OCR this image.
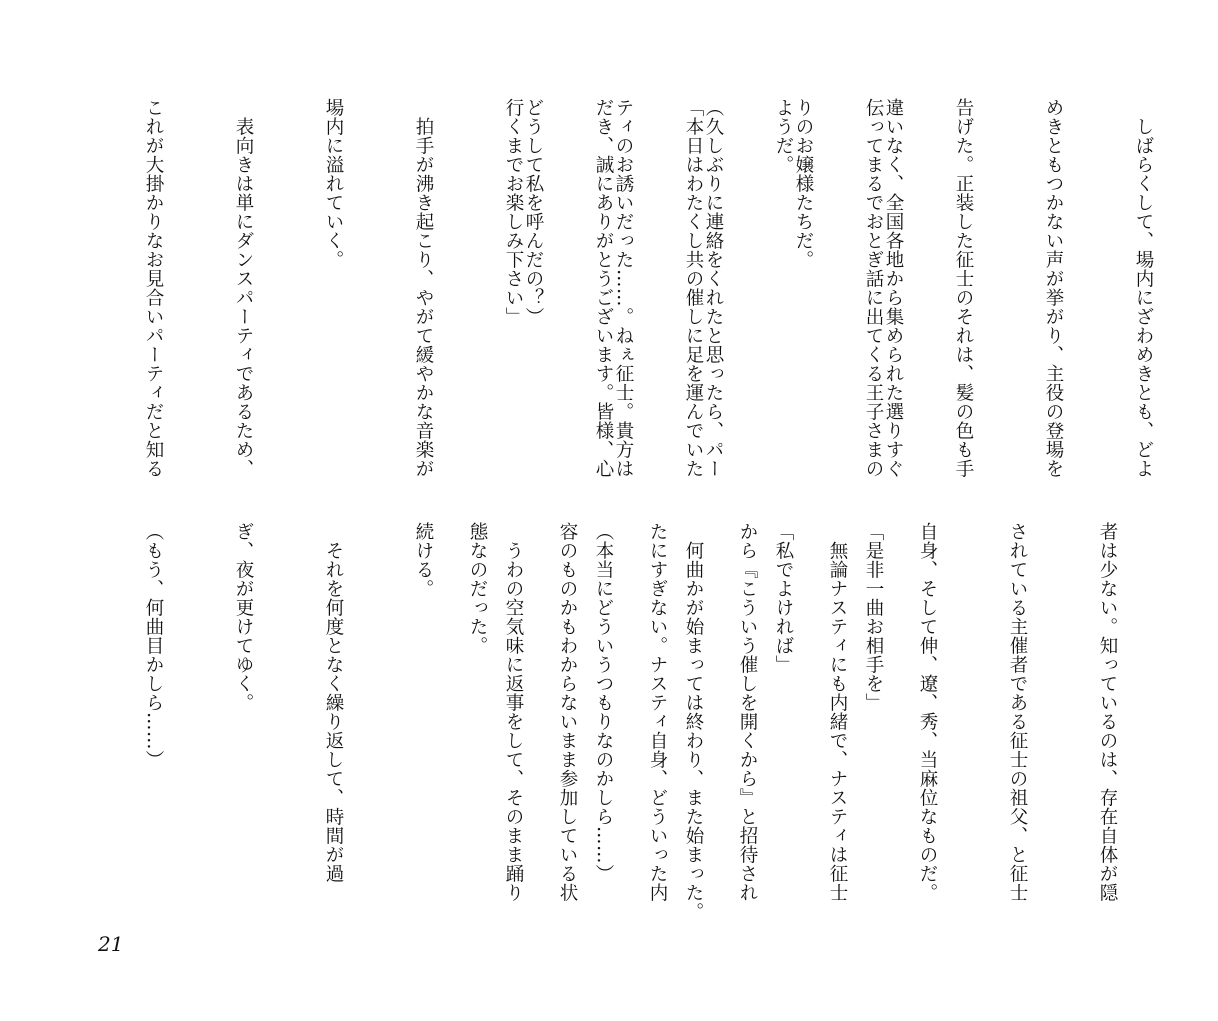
違いなく、全国各地から集められた選りすぐ

りのお嬢様たちだ。

（久しぶりに連絡をくれたと思ったら、パー

ティのお誘いだった……。ねぇ征士。貴方は

どうして私を呼んだの？）

	　しばらくして、場内にざわめきとも、どよ

めきともつかない声が挙がり、主役の登場を

告げた。正装した征士のそれは、髪の色も手

伝ってまるでおとぎ話に出てくる王子さまの

ようだ。

「本日はわたくし共の催しに足を運んでいた

だき、誠にありがとうございます。皆様、心

行くまでお楽しみ下さい」

　拍手が沸き起こり、やがて緩やかな音楽が

場内に溢れていく。

　表向きは単にダンスパーティであるため、

これが大掛かりなお見合いパーティだと知る

者は少ない。知っているのは、存在自体が隠

されている主催者である征士の祖父、と征士

自身、そして伸、遼、秀、当麻位なものだ。

　無論ナスティにも内緒で、ナスティは征士

から『こういう催しを開くから』と招待され

たにすぎない。ナスティ自身、どういった内

容のものかもわからないまま参加している状

態なのだった。

	「是非一曲お相手を」

「私でよければ」

　何曲かが始まっては終わり、また始まった。

（本当にどういうつもりなのかしら……）

　うわの空気味に返事をして、そのまま踊り

続ける。

　それを何度となく繰り返して、時間が過

ぎ、夜が更けてゆく。

（もう、何曲目かしら……）

21
